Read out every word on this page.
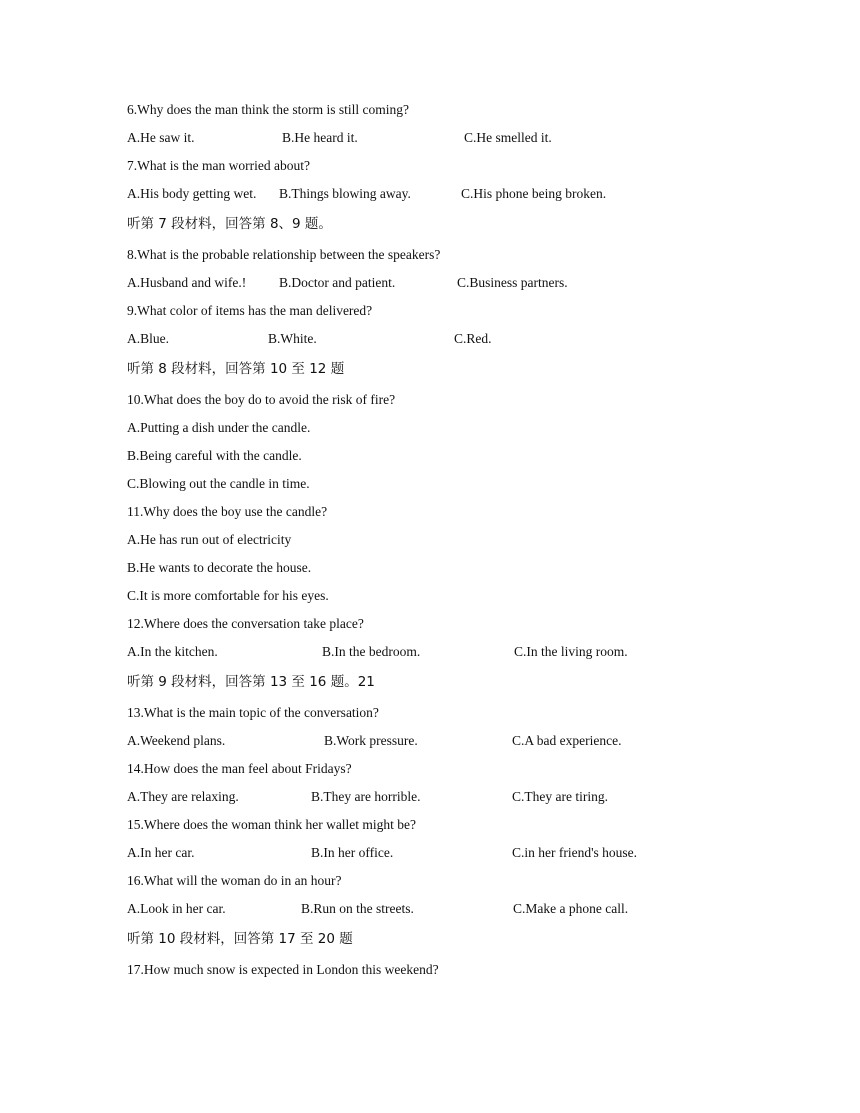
6.Why does the man think the storm is still coming?
A.He saw it.	B.He heard it.	C.He smelled it.
7.What is the man worried about?
A.His body getting wet. B.Things blowing away.	C.His phone being broken.
听第 7 段材料，回答第 8、9 题。
8.What is the probable relationship between the speakers?
A.Husband and wife.! B.Doctor and patient.	C.Business partners.
9.What color of items has the man delivered?
A.Blue.	B.White.	C.Red.
听第 8 段材料，回答第 10 至 12 题
10.What does the boy do to avoid the risk of fire?
A.Putting a dish under the candle.
B.Being careful with the candle.
C.Blowing out the candle in time.
11.Why does the boy use the candle?
A.He has run out of electricity
B.He wants to decorate the house.
C.It is more comfortable for his eyes.
12.Where does the conversation take place?
A.In the kitchen.	B.In the bedroom.	C.In the living room.
听第 9 段材料，回答第 13 至 16 题。21
13.What is the main topic of the conversation?
A.Weekend plans.	B.Work pressure.	C.A bad experience.
14.How does the man feel about Fridays?
A.They are relaxing.	B.They are horrible.	C.They are tiring.
15.Where does the woman think her wallet might be?
A.In her car.	B.In her office.	C.in her friend's house.
16.What will the woman do in an hour?
A.Look in her car.	B.Run on the streets.	C.Make a phone call.
听第 10 段材料，回答第 17 至 20 题
17.How much snow is expected in London this weekend?
